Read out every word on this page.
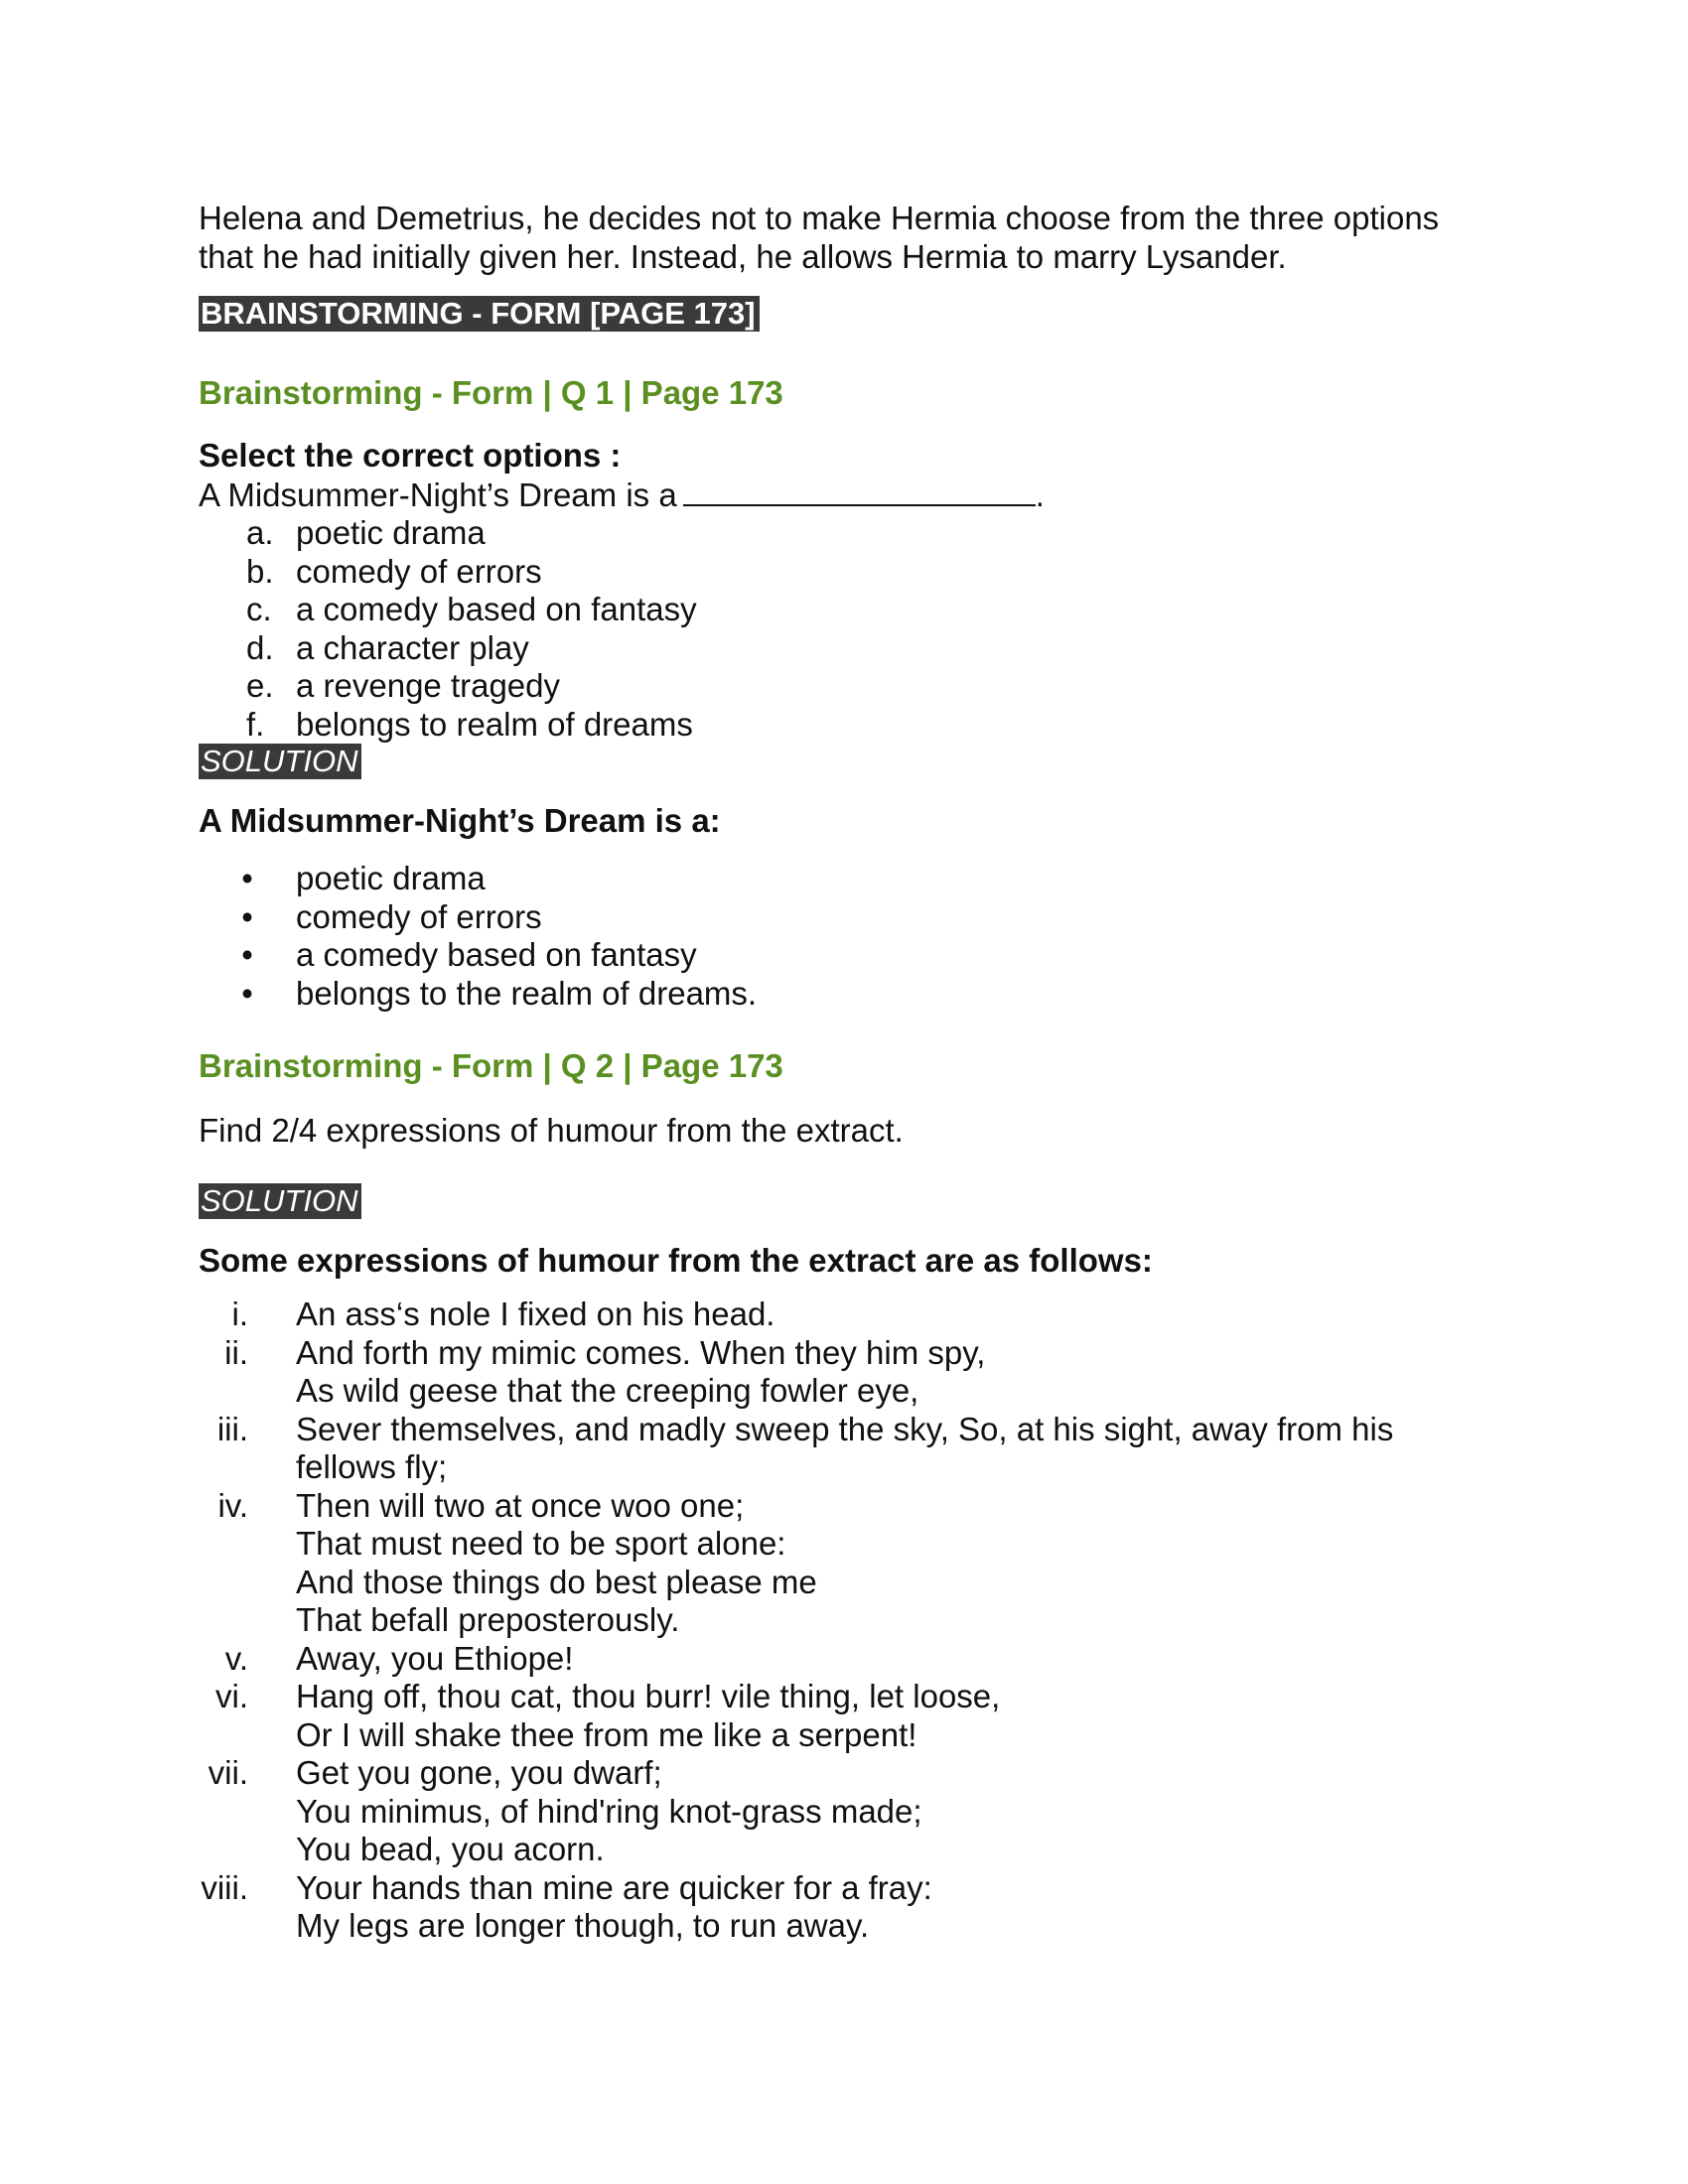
Helena and Demetrius, he decides not to make Hermia choose from the three options

that he had initially given her. Instead, he allows Hermia to marry Lysander.

BRAINSTORMING - FORM [PAGE 173]

Brainstorming - Form | Q 1 | Page 173

Select the correct options :

A Midsummer-Night’s Dream is a	.

a. poetic drama
b. comedy of errors
c. a comedy based on fantasy
d. a character play
e. a revenge tragedy
f. belongs to realm of dreams
SOLUTION

A Midsummer-Night’s Dream is a:

•	poetic drama
•	comedy of errors
•	a comedy based on fantasy
•	belongs to the realm of dreams.

Brainstorming - Form | Q 2 | Page 173

Find 2/4 expressions of humour from the extract.

SOLUTION

Some expressions of humour from the extract are as follows:

i.	An ass‘s nole I fixed on his head.
ii.	And forth my mimic comes. When they him spy,
As wild geese that the creeping fowler eye,
iii.	Sever themselves, and madly sweep the sky, So, at his sight, away from his
fellows fly;
iv.	Then will two at once woo one;
That must need to be sport alone:
And those things do best please me
That befall preposterously.
v.	Away, you Ethiope!
vi.	Hang off, thou cat, thou burr! vile thing, let loose,
Or I will shake thee from me like a serpent!
vii.	Get you gone, you dwarf;
You minimus, of hind'ring knot-grass made;
You bead, you acorn.
viii.	Your hands than mine are quicker for a fray:
My legs are longer though, to run away.
